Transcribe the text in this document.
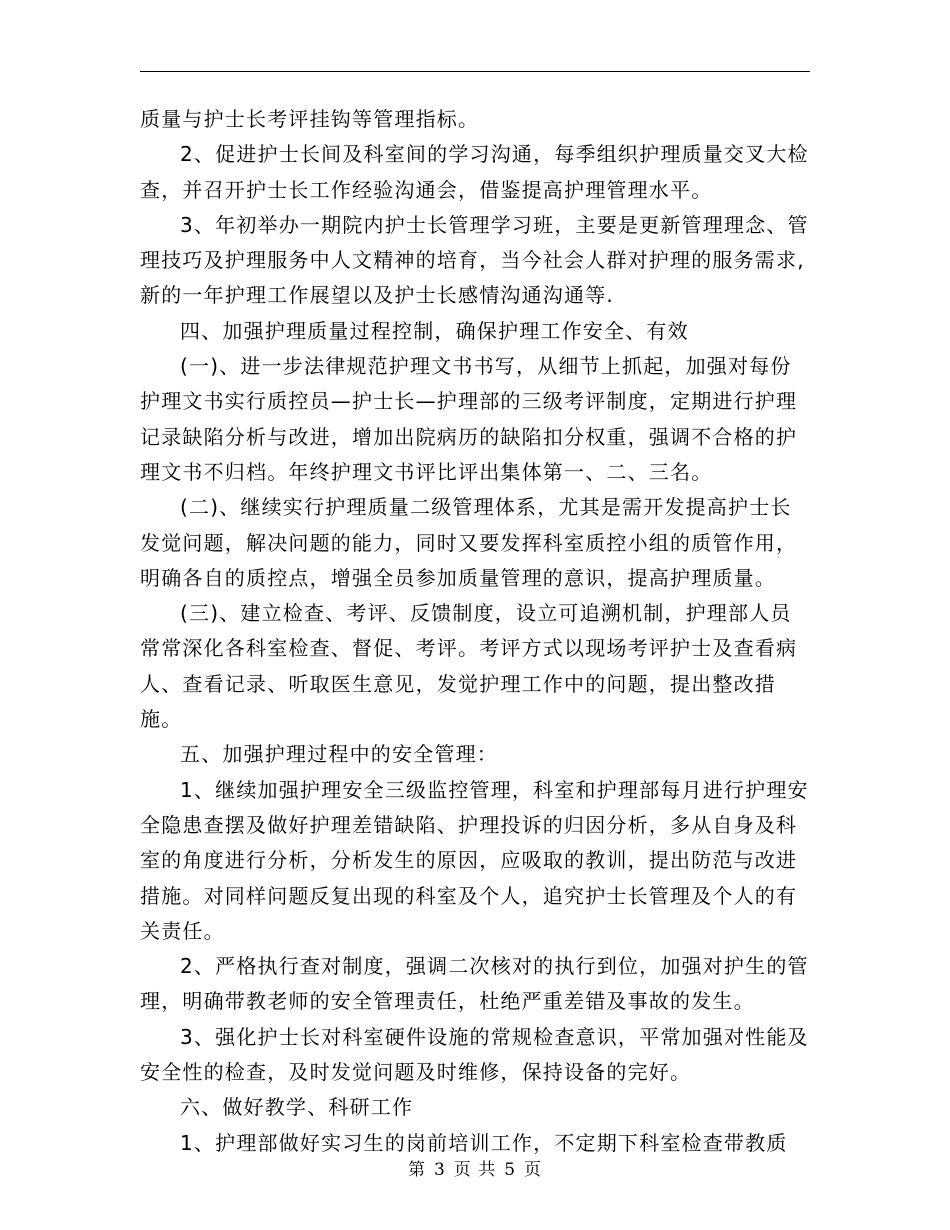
质量与护士长考评挂钩等管理指标。

2、促进护士长间及科室间的学习沟通，每季组织护理质量交叉大检查，并召开护士长工作经验沟通会，借鉴提高护理管理水平。

3、年初举办一期院内护士长管理学习班，主要是更新管理理念、管理技巧及护理服务中人文精神的培育，当今社会人群对护理的服务需求,新的一年护理工作展望以及护士长感情沟通沟通等.

四、加强护理质量过程控制，确保护理工作安全、有效

(一)、进一步法律规范护理文书书写，从细节上抓起，加强对每份护理文书实行质控员—护士长—护理部的三级考评制度，定期进行护理记录缺陷分析与改进，增加出院病历的缺陷扣分权重，强调不合格的护理文书不归档。年终护理文书评比评出集体第一、二、三名。

(二)、继续实行护理质量二级管理体系，尤其是需开发提高护士长发觉问题，解决问题的能力，同时又要发挥科室质控小组的质管作用，明确各自的质控点，增强全员参加质量管理的意识，提高护理质量。

(三)、建立检查、考评、反馈制度，设立可追溯机制，护理部人员常常深化各科室检查、督促、考评。考评方式以现场考评护士及查看病人、查看记录、听取医生意见，发觉护理工作中的问题，提出整改措施。

五、加强护理过程中的安全管理：

1、继续加强护理安全三级监控管理，科室和护理部每月进行护理安全隐患查摆及做好护理差错缺陷、护理投诉的归因分析，多从自身及科室的角度进行分析，分析发生的原因，应吸取的教训，提出防范与改进措施。对同样问题反复出现的科室及个人，追究护士长管理及个人的有关责任。

2、严格执行查对制度，强调二次核对的执行到位，加强对护生的管理，明确带教老师的安全管理责任，杜绝严重差错及事故的发生。

3、强化护士长对科室硬件设施的常规检查意识，平常加强对性能及安全性的检查，及时发觉问题及时维修，保持设备的完好。

六、做好教学、科研工作

1、护理部做好实习生的岗前培训工作，不定期下科室检查带教质

第 3 页 共 5 页
